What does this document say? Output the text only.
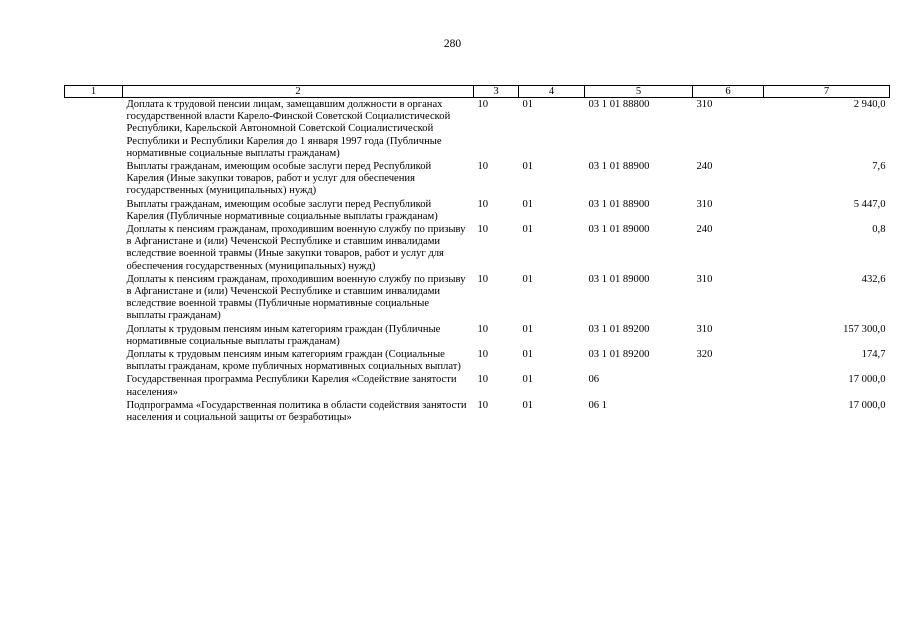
280
1	2	3	4	5	6	7
	Доплата к трудовой пенсии лицам, замещавшим должности в органах государственной власти Карело-Финской Советской Социалистической Республики, Карельской Автономной Советской Социалистической Республики и Республики Карелия до 1 января 1997 года (Публичные нормативные социальные выплаты гражданам)	10	01	03 1 01 88800	310	2 940,0
	Выплаты гражданам, имеющим особые заслуги перед Республикой Карелия (Иные закупки товаров, работ и услуг для обеспечения государственных (муниципальных) нужд)	10	01	03 1 01 88900	240	7,6
	Выплаты гражданам, имеющим особые заслуги перед Республикой Карелия (Публичные нормативные социальные выплаты гражданам)	10	01	03 1 01 88900	310	5 447,0
	Доплаты к пенсиям гражданам, проходившим военную службу по призыву в Афганистане и (или) Чеченской Республике и ставшим инвалидами вследствие военной травмы (Иные закупки товаров, работ и услуг для обеспечения государственных (муниципальных) нужд)	10	01	03 1 01 89000	240	0,8
	Доплаты к пенсиям гражданам, проходившим военную службу по призыву в Афганистане и (или) Чеченской Республике и ставшим инвалидами вследствие военной травмы (Публичные нормативные социальные выплаты гражданам)	10	01	03 1 01 89000	310	432,6
	Доплаты к трудовым пенсиям иным категориям граждан (Публичные нормативные социальные выплаты гражданам)	10	01	03 1 01 89200	310	157 300,0
	Доплаты к трудовым пенсиям иным категориям граждан (Социальные выплаты гражданам, кроме публичных нормативных социальных выплат)	10	01	03 1 01 89200	320	174,7
	Государственная программа Республики Карелия «Содействие занятости населения»	10	01	06		17 000,0
	Подпрограмма «Государственная политика в области содействия занятости населения и социальной защиты от безработицы»	10	01	06 1		17 000,0
